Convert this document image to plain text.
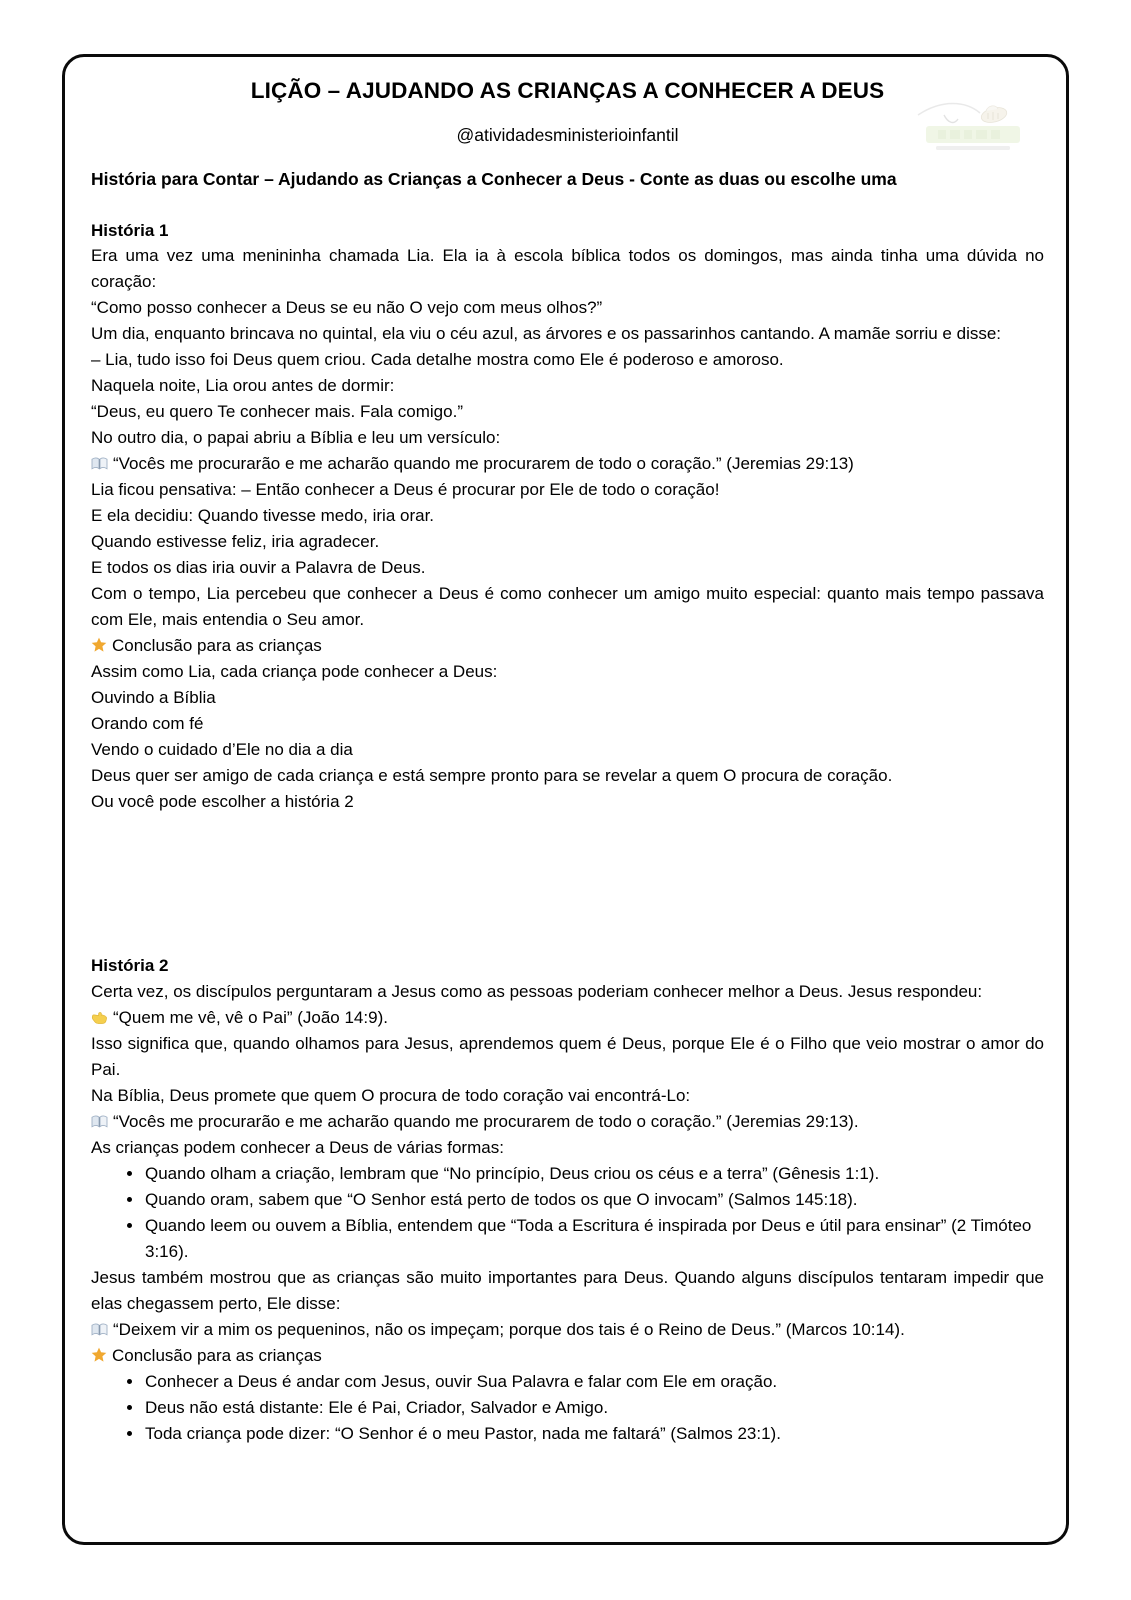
LIÇÃO – AJUDANDO AS CRIANÇAS A CONHECER A DEUS
@atividadesministerioinfantil
História para Contar – Ajudando as Crianças a Conhecer a Deus - Conte as duas ou escolhe uma
História 1

Era uma vez uma menininha chamada Lia. Ela ia à escola bíblica todos os domingos, mas ainda tinha uma dúvida no coração:

“Como posso conhecer a Deus se eu não O vejo com meus olhos?”

Um dia, enquanto brincava no quintal, ela viu o céu azul, as árvores e os passarinhos cantando. A mamãe sorriu e disse:

– Lia, tudo isso foi Deus quem criou. Cada detalhe mostra como Ele é poderoso e amoroso.

Naquela noite, Lia orou antes de dormir:

“Deus, eu quero Te conhecer mais. Fala comigo.”

No outro dia, o papai abriu a Bíblia e leu um versículo:

“Vocês me procurarão e me acharão quando me procurarem de todo o coração.” (Jeremias 29:13)

Lia ficou pensativa: – Então conhecer a Deus é procurar por Ele de todo o coração!

E ela decidiu: Quando tivesse medo, iria orar.

Quando estivesse feliz, iria agradecer.

E todos os dias iria ouvir a Palavra de Deus.

Com o tempo, Lia percebeu que conhecer a Deus é como conhecer um amigo muito especial: quanto mais tempo passava com Ele, mais entendia o Seu amor.

Conclusão para as crianças

Assim como Lia, cada criança pode conhecer a Deus:

Ouvindo a Bíblia

Orando com fé

Vendo o cuidado d’Ele no dia a dia

Deus quer ser amigo de cada criança e está sempre pronto para se revelar a quem O procura de coração.

Ou você pode escolher a história 2

História 2

Certa vez, os discípulos perguntaram a Jesus como as pessoas poderiam conhecer melhor a Deus. Jesus respondeu:

“Quem me vê, vê o Pai” (João 14:9).

Isso significa que, quando olhamos para Jesus, aprendemos quem é Deus, porque Ele é o Filho que veio mostrar o amor do Pai.

Na Bíblia, Deus promete que quem O procura de todo coração vai encontrá-Lo:

“Vocês me procurarão e me acharão quando me procurarem de todo o coração.” (Jeremias 29:13).

As crianças podem conhecer a Deus de várias formas:

Quando olham a criação, lembram que “No princípio, Deus criou os céus e a terra” (Gênesis 1:1).
Quando oram, sabem que “O Senhor está perto de todos os que O invocam” (Salmos 145:18).
Quando leem ou ouvem a Bíblia, entendem que “Toda a Escritura é inspirada por Deus e útil para ensinar” (2 Timóteo 3:16).

Jesus também mostrou que as crianças são muito importantes para Deus. Quando alguns discípulos tentaram impedir que elas chegassem perto, Ele disse:

“Deixem vir a mim os pequeninos, não os impeçam; porque dos tais é o Reino de Deus.” (Marcos 10:14).

Conclusão para as crianças

Conhecer a Deus é andar com Jesus, ouvir Sua Palavra e falar com Ele em oração.
Deus não está distante: Ele é Pai, Criador, Salvador e Amigo.
Toda criança pode dizer: “O Senhor é o meu Pastor, nada me faltará” (Salmos 23:1).
